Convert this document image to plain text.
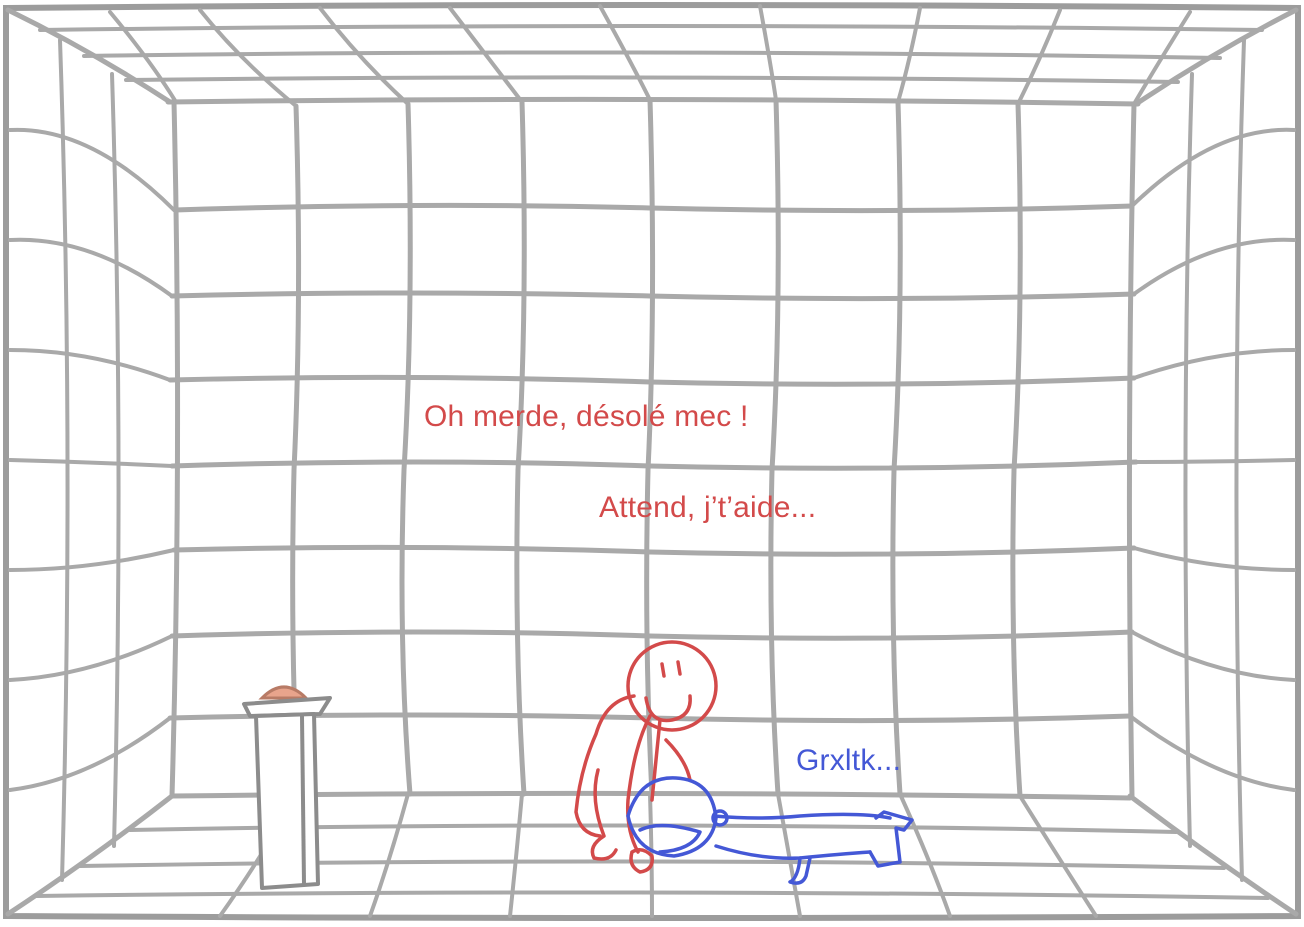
Oh merde, désolé mec !
Attend, j’t’aide...
Grxltk...
